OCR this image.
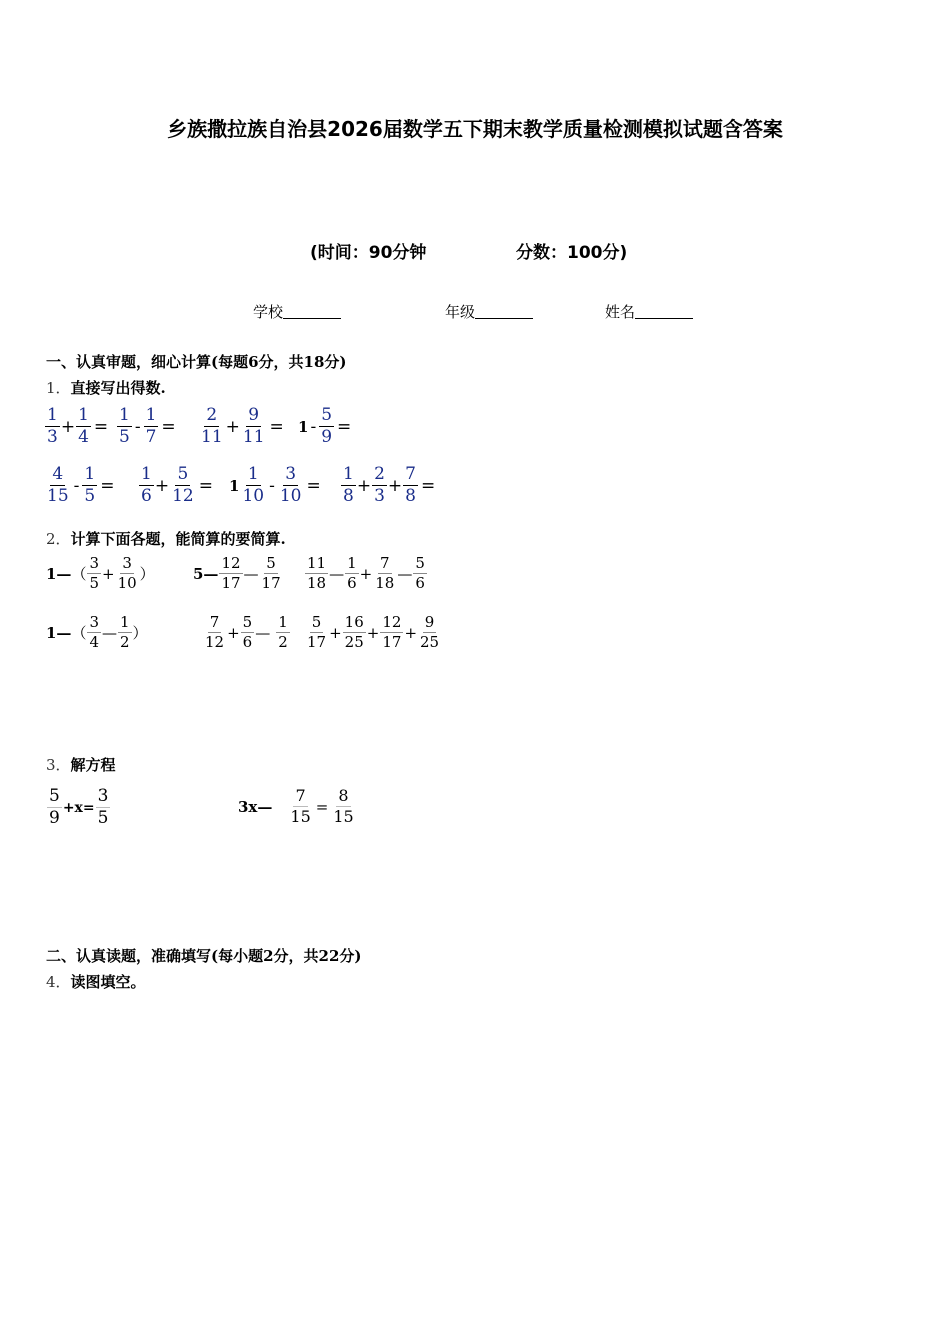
乡族撒拉族自治县2026届数学五下期末教学质量检测模拟试题含答案
(时间：90分钟	分数：100分)
学校	年级	姓名
一、认真审题，细心计算(每题6分，共18分)
1．直接写出得数.
$\frac{1}{3} + \frac{1}{4} = \frac{1}{5} - \frac{1}{7} = \frac{2}{11} + \frac{9}{11} = 1 - \frac{5}{9}$ =
$\frac{4}{15} - \frac{1}{5} = \frac{1}{6} + \frac{5}{12} = 1 \frac{1}{10} - \frac{3}{10} = \frac{1}{8} + \frac{2}{3} + \frac{7}{8}$ =
2．计算下面各题，能简算的要简算.
1— （ $\frac{3}{5} + \frac{3}{10}$ ）	5— $\frac{12}{17}$ — $\frac{5}{17} \frac{11}{18}$ — $\frac{1}{6} + \frac{7}{18}$ — $\frac{5}{6}$
1— （ $\frac{3}{4}$ — $\frac{1}{2}$ ）	$\frac{7}{12} + \frac{5}{6}$ — $\frac{1}{2} \frac{5}{17} + \frac{16}{25} + \frac{12}{17} + \frac{9}{25}$
3．解方程
$\frac{5}{9} +x= \frac{3}{5}$	3x— $\frac{7}{15} = \frac{8}{15}$
二、认真读题，准确填写(每小题2分，共22分)
4．读图填空。
